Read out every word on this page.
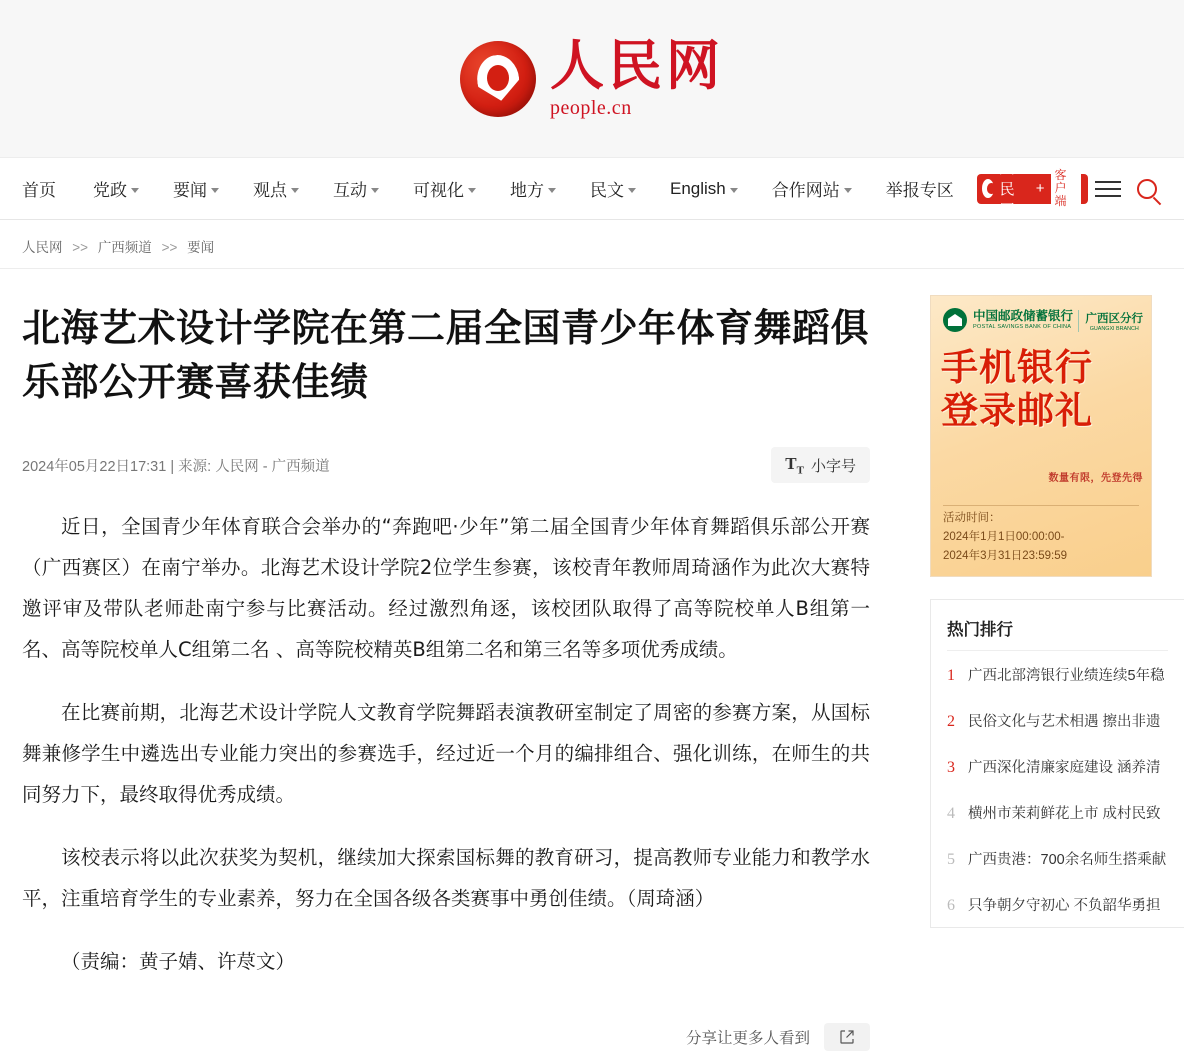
人民网
people.cn
首页 党政	要闻	观点	互动	可视化	地方	民文	English	合作网站	举报专区
人民网
+
客户端
人民网 >> 广西频道 >> 要闻
北海艺术设计学院在第二届全国青少年体育舞蹈俱乐部公开赛喜获佳绩
2024年05月22日17:31 | 来源: 人民网 - 广西频道	$T_T$ 小字号

近日，全国青少年体育联合会举办的“奔跑吧·少年”第二届全国青少年体育舞蹈俱乐部公开赛（广西赛区）在南宁举办。北海艺术设计学院2位学生参赛，该校青年教师周琦涵作为此次大赛特邀评审及带队老师赴南宁参与比赛活动。经过激烈角逐，该校团队取得了高等院校单人B组第一名、高等院校单人C组第二名 、高等院校精英B组第二名和第三名等多项优秀成绩。

在比赛前期，北海艺术设计学院人文教育学院舞蹈表演教研室制定了周密的参赛方案，从国标舞兼修学生中遴选出专业能力突出的参赛选手，经过近一个月的编排组合、强化训练，在师生的共同努力下，最终取得优秀成绩。

该校表示将以此次获奖为契机，继续加大探索国标舞的教育研习，提高教师专业能力和教学水平，注重培育学生的专业素养，努力在全国各级各类赛事中勇创佳绩。（周琦涵）

（责编：黄子婧、许荩文）

分享让更多人看到
中国邮政储蓄银行
POSTAL SAVINGS BANK OF CHINA
广西区分行
GUANGXI BRANCH
手机银行
登录邮礼
数量有限，先登先得
活动时间：
2024年1月1日00:00:00-
2024年3月31日23:59:59
热门排行
1 广西北部湾银行业绩连续5年稳
2 民俗文化与艺术相遇 擦出非遗
3 广西深化清廉家庭建设 涵养清
4 横州市茉莉鲜花上市 成村民致
5 广西贵港：700余名师生搭乘献
6 只争朝夕守初心 不负韶华勇担
